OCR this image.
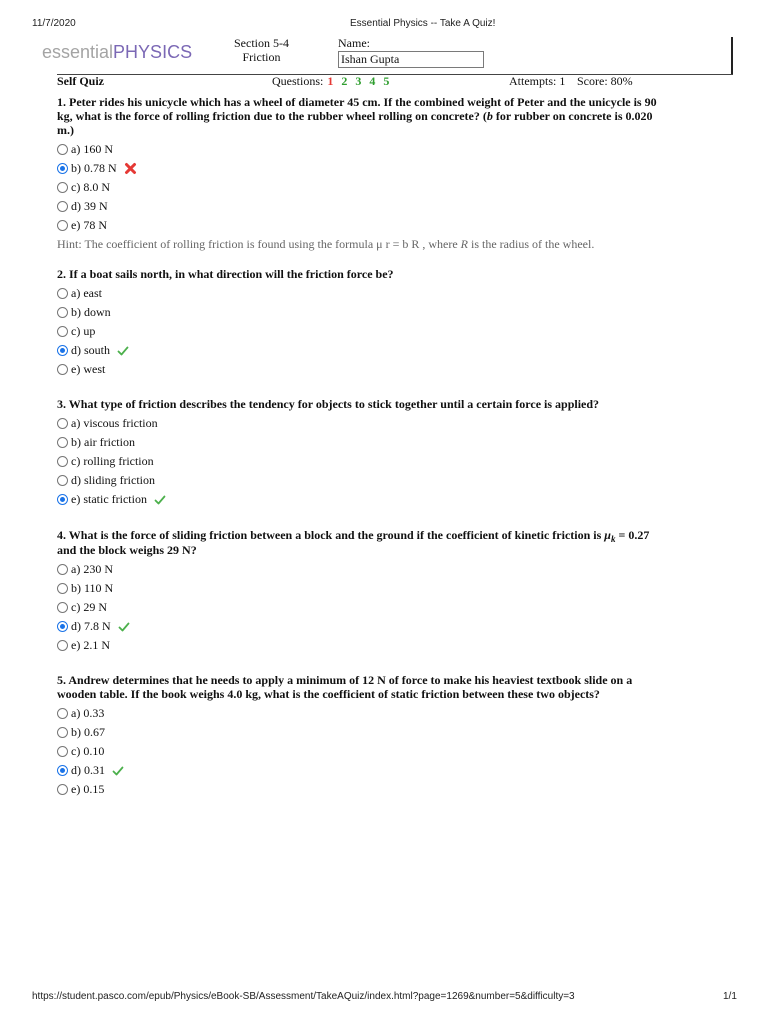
11/7/2020	Essential Physics -- Take A Quiz!
essentialPHYSICS	Section 5-4
Friction
Name:
Ishan Gupta
Self Quiz	Questions: 1 2 3 4 5	Attempts: 1 Score: 80%
1. Peter rides his unicycle which has a wheel of diameter 45 cm. If the combined weight of Peter and the unicycle is 90
kg, what is the force of rolling friction due to the rubber wheel rolling on concrete? (b for rubber on concrete is 0.020
m.)
a) 160 N
b) 0.78 N
c) 8.0 N
d) 39 N
e) 78 N
Hint: The coefficient of rolling friction is found using the formula μ r = b R , where R is the radius of the wheel.
2. If a boat sails north, in what direction will the friction force be?
a) east
b) down
c) up
d) south
e) west
3. What type of friction describes the tendency for objects to stick together until a certain force is applied?
a) viscous friction
b) air friction
c) rolling friction
d) sliding friction
e) static friction
4. What is the force of sliding friction between a block and the ground if the coefficient of kinetic friction is $\mu_k = 0.27$
and the block weighs 29 N?
a) 230 N
b) 110 N
c) 29 N
d) 7.8 N
e) 2.1 N
5. Andrew determines that he needs to apply a minimum of 12 N of force to make his heaviest textbook slide on a
wooden table. If the book weighs 4.0 kg, what is the coefficient of static friction between these two objects?
a) 0.33
b) 0.67
c) 0.10
d) 0.31
e) 0.15
https://student.pasco.com/epub/Physics/eBook-SB/Assessment/TakeAQuiz/index.html?page=1269&number=5&difficulty=3	1/1
